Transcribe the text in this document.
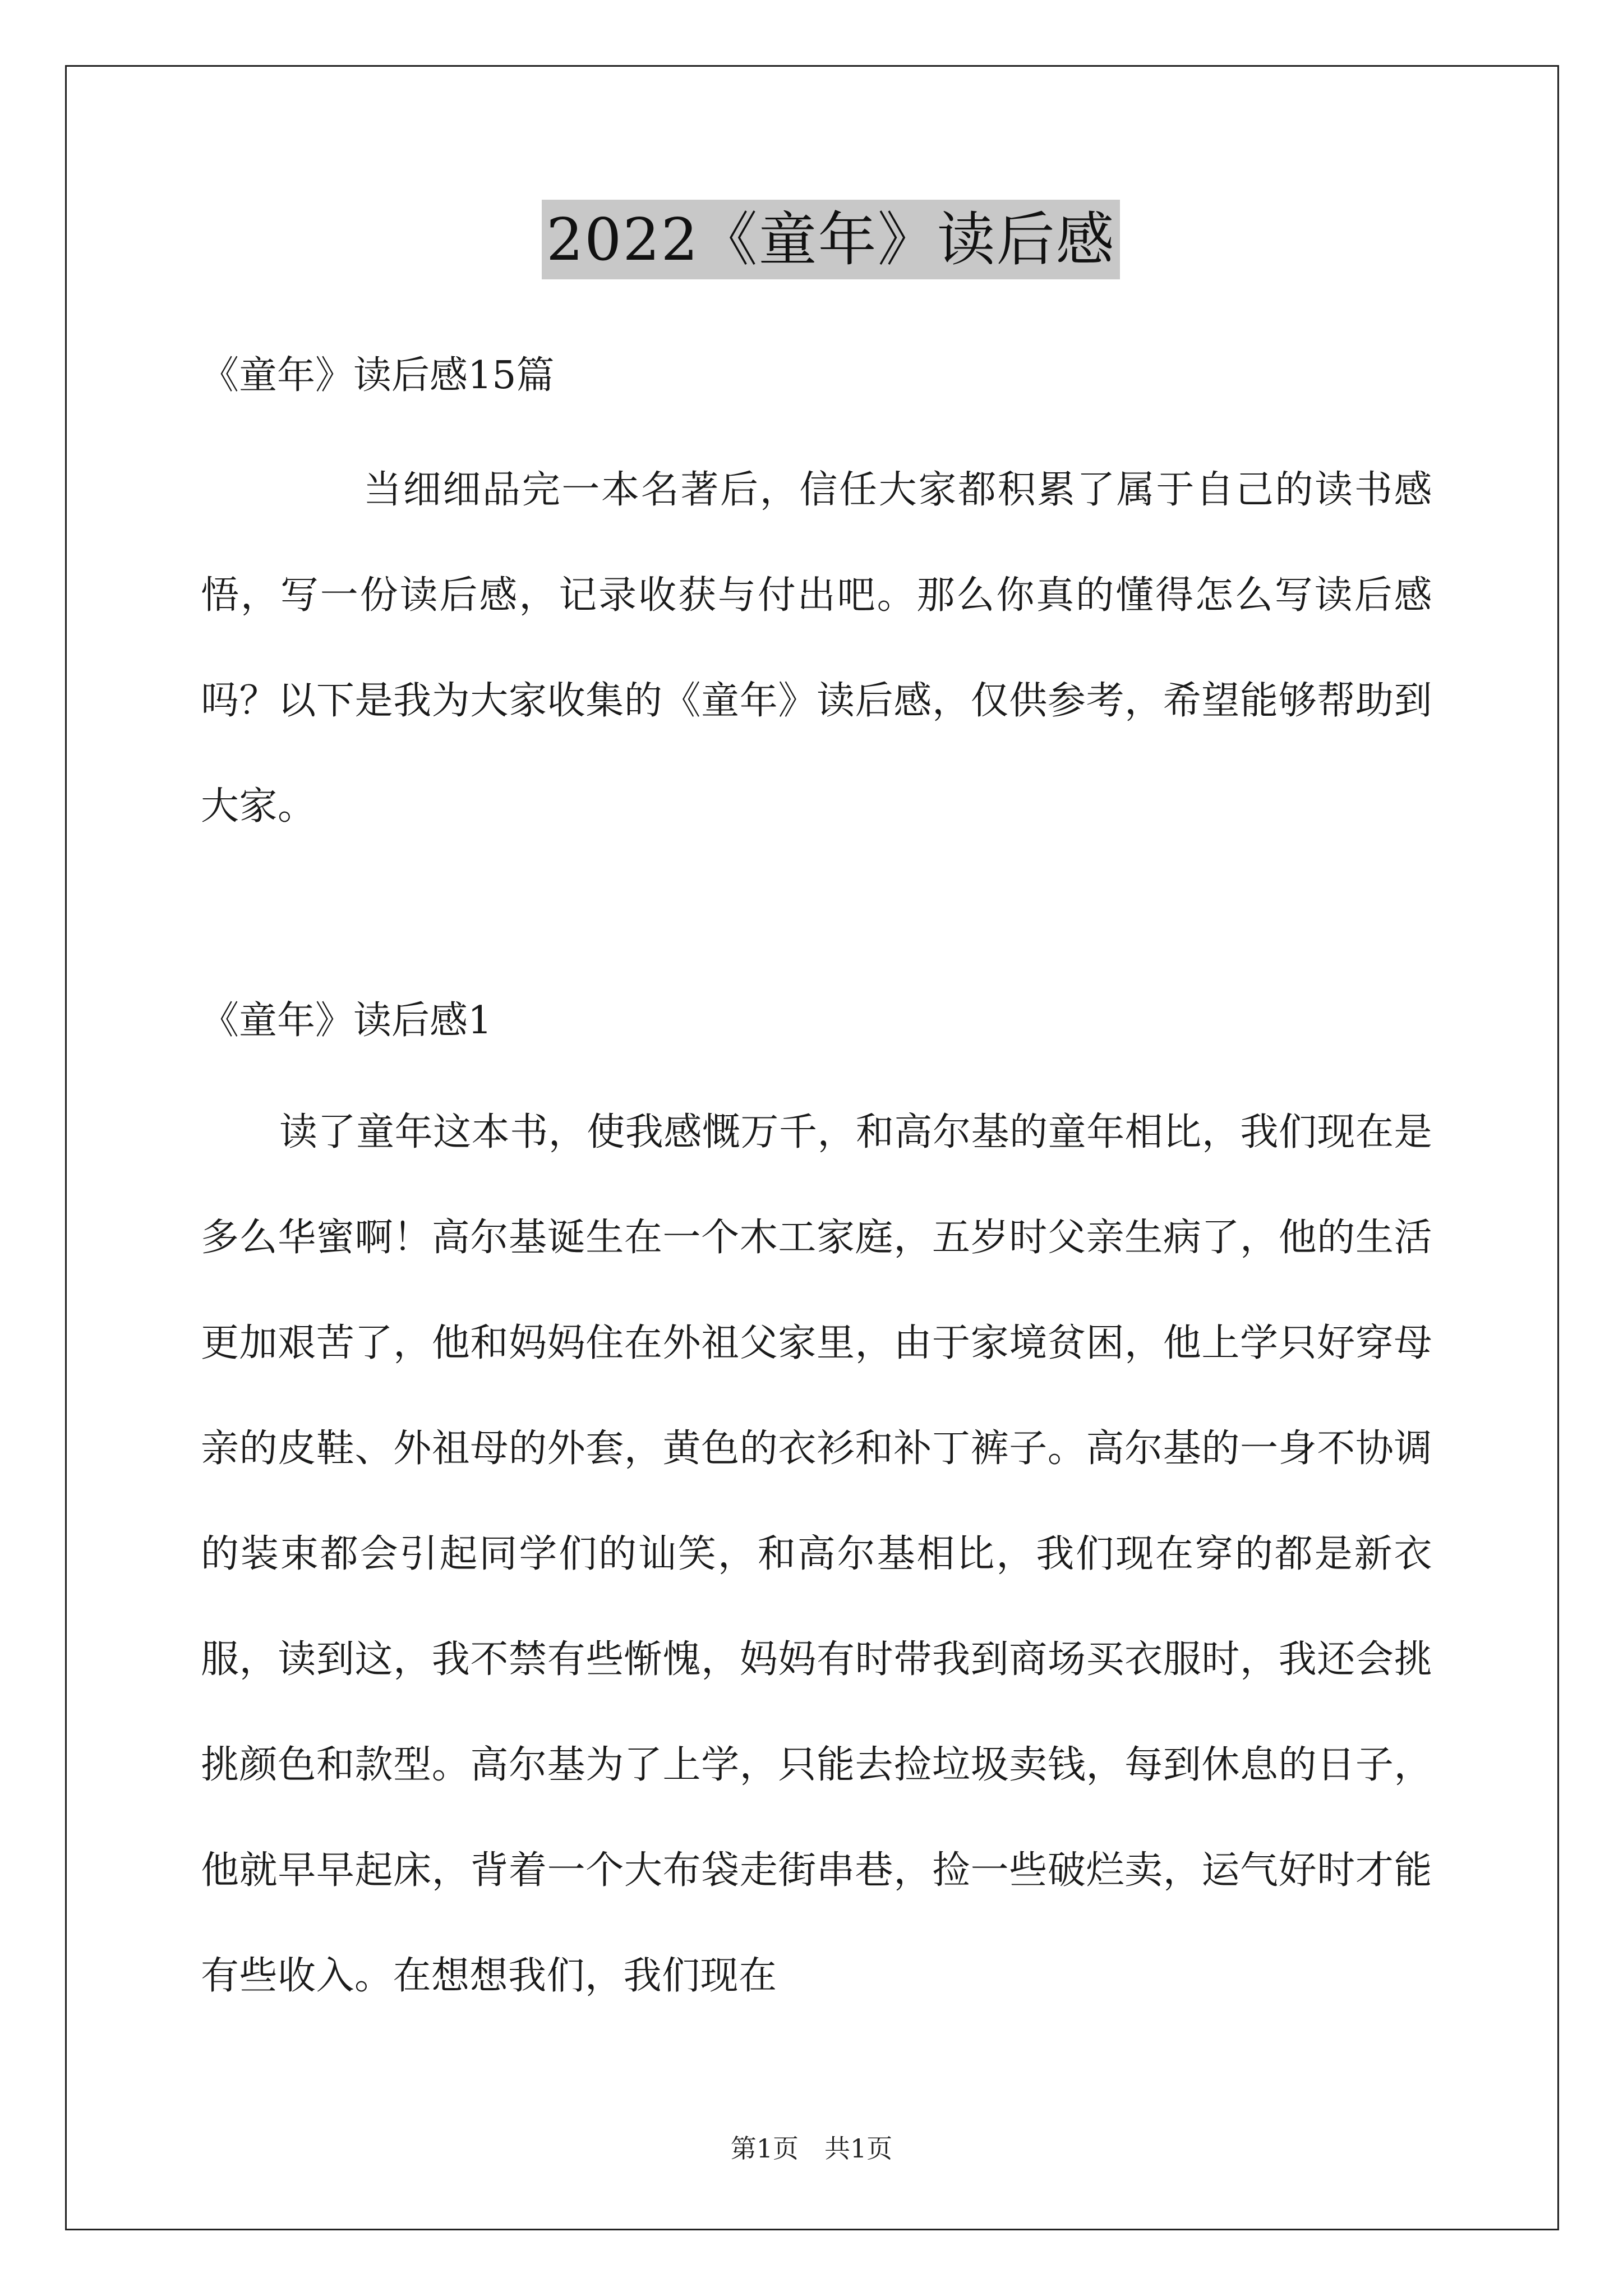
2022《童年》读后感
《童年》读后感15篇
当细细品完一本名著后，信任大家都积累了属于自己的读书感悟，写一份读后感，记录收获与付出吧。那么你真的懂得怎么写读后感吗？以下是我为大家收集的《童年》读后感，仅供参考，希望能够帮助到大家。
《童年》读后感1
读了童年这本书，使我感慨万千，和高尔基的童年相比，我们现在是多么华蜜啊！高尔基诞生在一个木工家庭，五岁时父亲生病了，他的生活更加艰苦了，他和妈妈住在外祖父家里，由于家境贫困，他上学只好穿母亲的皮鞋、外祖母的外套，黄色的衣衫和补丁裤子。高尔基的一身不协调的装束都会引起同学们的讪笑，和高尔基相比，我们现在穿的都是新衣服，读到这，我不禁有些惭愧，妈妈有时带我到商场买衣服时，我还会挑挑颜色和款型。高尔基为了上学，只能去捡垃圾卖钱，每到休息的日子，他就早早起床，背着一个大布袋走街串巷，捡一些破烂卖，运气好时才能有些收入。在想想我们，我们现在
第1页　共1页
